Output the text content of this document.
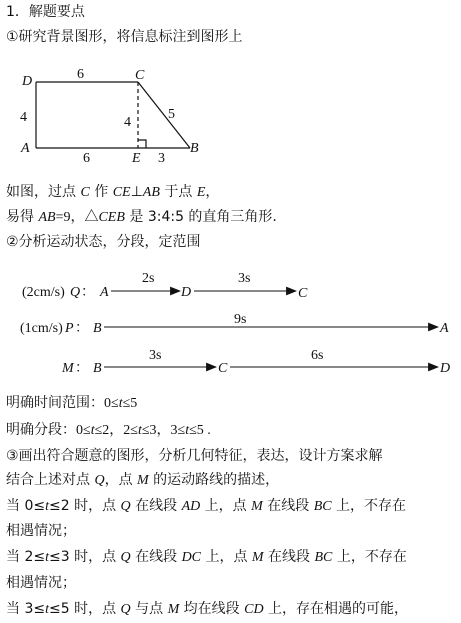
1．解题要点
①研究背景图形，将信息标注到图形上
D	C
A
E
B
6
6	3
4	4
5
如图，过点 C 作 CE⊥AB 于点 E，
易得 AB=9，△CEB 是 3:4:5 的直角三角形.
②分析运动状态，分段，定范围
(2cm/s) Q ： A	D	C
2s	3s
(1cm/s) P ： B	A
9s
M ： B	C	D
3s	6s
明确时间范围：0≤t≤5
明确分段：0≤t≤2，2≤t≤3，3≤t≤5 .
③画出符合题意的图形，分析几何特征，表达，设计方案求解
结合上述对点 Q，点 M 的运动路线的描述，
当 0≤t≤2 时，点 Q 在线段 AD 上，点 M 在线段 BC 上，不存在
相遇情况；
当 2≤t≤3 时，点 Q 在线段 DC 上，点 M 在线段 BC 上，不存在
相遇情况；
当 3≤t≤5 时，点 Q 与点 M 均在线段 CD 上，存在相遇的可能，
